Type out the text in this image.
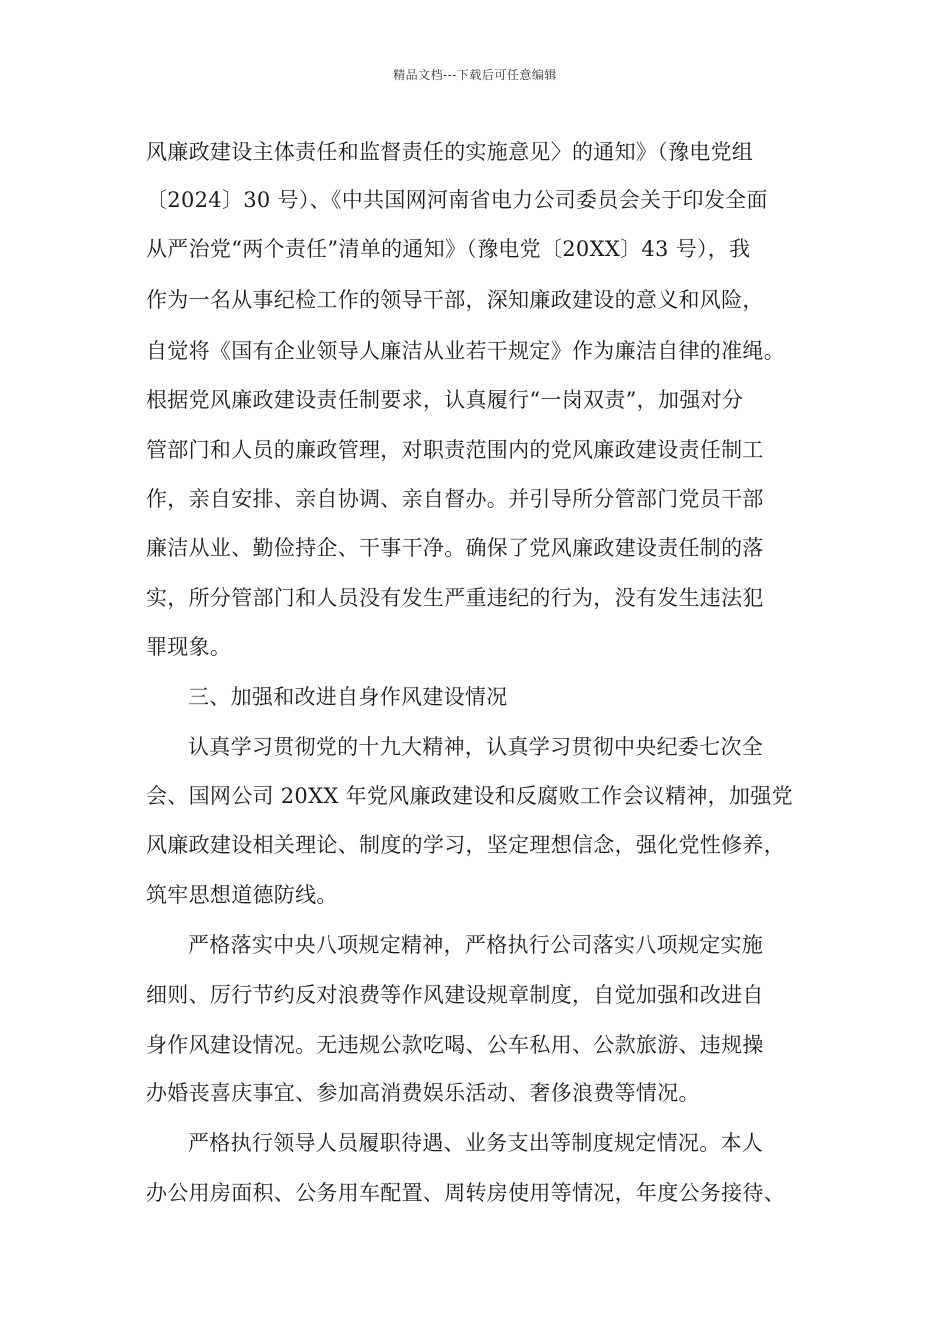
精品文档---下载后可任意编辑
风廉政建设主体责任和监督责任的实施意见〉的通知》（豫电党组
〔2024〕30 号）、《中共国网河南省电力公司委员会关于印发全面
从严治党“两个责任”清单的通知》（豫电党〔20XX〕43 号），我
作为一名从事纪检工作的领导干部，深知廉政建设的意义和风险，
自觉将《国有企业领导人廉洁从业若干规定》作为廉洁自律的准绳。
根据党风廉政建设责任制要求，认真履行“一岗双责”，加强对分
管部门和人员的廉政管理，对职责范围内的党风廉政建设责任制工
作，亲自安排、亲自协调、亲自督办。并引导所分管部门党员干部
廉洁从业、勤俭持企、干事干净。确保了党风廉政建设责任制的落
实，所分管部门和人员没有发生严重违纪的行为，没有发生违法犯
罪现象。
三、加强和改进自身作风建设情况
认真学习贯彻党的十九大精神，认真学习贯彻中央纪委七次全
会、国网公司 20XX 年党风廉政建设和反腐败工作会议精神，加强党
风廉政建设相关理论、制度的学习，坚定理想信念，强化党性修养，
筑牢思想道德防线。
严格落实中央八项规定精神，严格执行公司落实八项规定实施
细则、厉行节约反对浪费等作风建设规章制度，自觉加强和改进自
身作风建设情况。无违规公款吃喝、公车私用、公款旅游、违规操
办婚丧喜庆事宜、参加高消费娱乐活动、奢侈浪费等情况。
严格执行领导人员履职待遇、业务支出等制度规定情况。本人
办公用房面积、公务用车配置、周转房使用等情况，年度公务接待、
